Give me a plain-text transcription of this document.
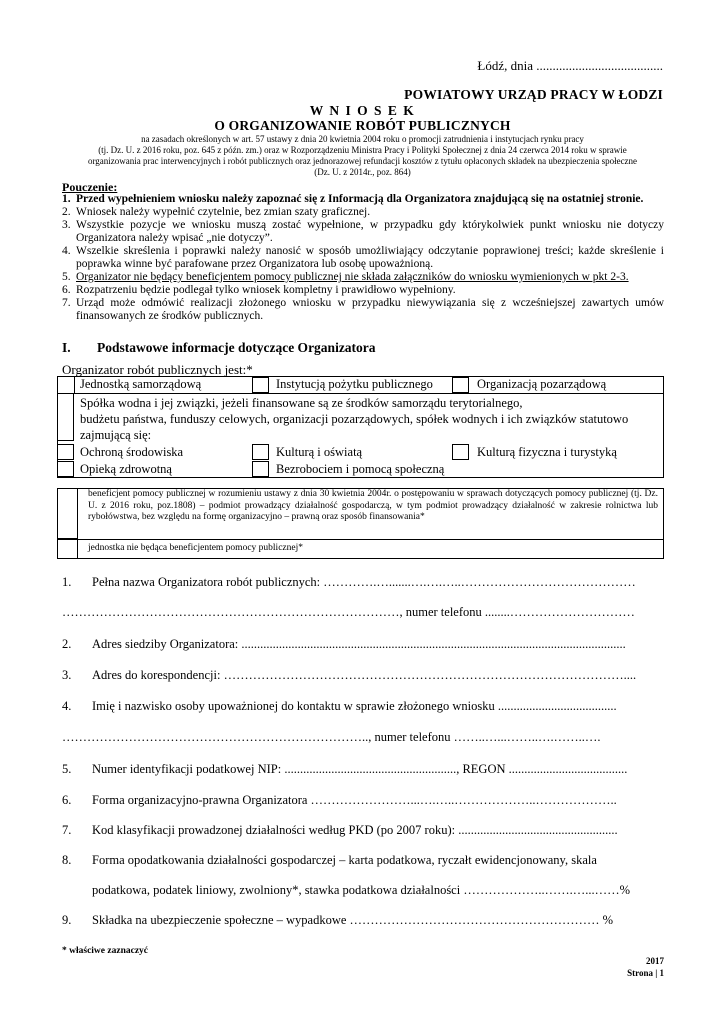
Łódź, dnia .......................................
POWIATOWY URZĄD PRACY W ŁODZI
W N I O S E K
O ORGANIZOWANIE ROBÓT PUBLICZNYCH
na zasadach określonych w art. 57 ustawy z dnia 20 kwietnia 2004 roku o promocji zatrudnienia i instytucjach rynku pracy
(tj. Dz. U. z 2016 roku, poz. 645 z późn. zm.) oraz w Rozporządzeniu Ministra Pracy i Polityki Społecznej z dnia 24 czerwca 2014 roku w sprawie
organizowania prac interwencyjnych i robót publicznych oraz jednorazowej refundacji kosztów z tytułu opłaconych składek na ubezpieczenia społeczne
(Dz. U. z 2014r., poz. 864)
Pouczenie:
1. Przed wypełnieniem wniosku należy zapoznać się z Informacją dla Organizatora znajdującą się na ostatniej stronie.
2. Wniosek należy wypełnić czytelnie, bez zmian szaty graficznej.
3. Wszystkie pozycje we wniosku muszą zostać wypełnione, w przypadku gdy którykolwiek punkt wniosku nie dotyczy Organizatora należy wpisać „nie dotyczy”.
4. Wszelkie skreślenia i poprawki należy nanosić w sposób umożliwiający odczytanie poprawionej treści; każde skreślenie i poprawka winne być parafowane przez Organizatora lub osobę upoważnioną.
5. Organizator nie będący beneficjentem pomocy publicznej nie składa załączników do wniosku wymienionych w pkt 2-3.
6. Rozpatrzeniu będzie podlegał tylko wniosek kompletny i prawidłowo wypełniony.
7. Urząd może odmówić realizacji złożonego wniosku w przypadku niewywiązania się z wcześniejszej zawartych umów finansowanych ze środków publicznych.
I. Podstawowe informacje dotyczące Organizatora
Organizator robót publicznych jest:*
Jednostką samorządową	Instytucją pożytku publicznego	Organizacją pozarządową
Spółka wodna i jej związki, jeżeli finansowane są ze środków samorządu terytorialnego,
budżetu państwa, funduszy celowych, organizacji pozarządowych, spółek wodnych i ich związków statutowo
zajmującą się:
Ochroną środowiska	Kulturą i oświatą	Kulturą fizyczna i turystyką
Opieką zdrowotną	Bezrobociem i pomocą społeczną
beneficjent pomocy publicznej w rozumieniu ustawy z dnia 30 kwietnia 2004r. o postępowaniu w sprawach dotyczących pomocy publicznej (tj. Dz. U. z 2016 roku, poz.1808) – podmiot prowadzący działalność gospodarczą, w tym podmiot prowadzący działalność w zakresie rolnictwa lub rybołówstwa, bez względu na formę organizacyjno – prawną oraz sposób finansowania*
jednostka nie będąca beneficjentem pomocy publicznej*
1. Pełna nazwa Organizatora robót publicznych: ………….….......….….…..……………………………………
………………………………………………………………………, numer telefonu ........…………………………
2. Adres siedziby Organizatora: ...........................................................................................................................
3. Adres do korespondencji: ……………………………………………………………………………………....
4. Imię i nazwisko osoby upoważnionej do kontaktu w sprawie złożonego wniosku ......................................
……………………………………………………………….., numer telefonu ……..…...……..….……..….
5. Numer identyfikacji podatkowej NIP: ......................................................., REGON ......................................
6. Forma organizacyjno-prawna Organizatora ……………………...….…..………………..………………..
7. Kod klasyfikacji prowadzonej działalności według PKD (po 2007 roku): ...................................................
8. Forma opodatkowania działalności gospodarczej – karta podatkowa, ryczałt ewidencjonowany, skala
podatkowa, podatek liniowy, zwolniony*, stawka podatkowa działalności ………………..…….…...……%
9. Składka na ubezpieczenie społeczne – wypadkowe …………………………………………………… %
* właściwe zaznaczyć
2017
Strona | 1
